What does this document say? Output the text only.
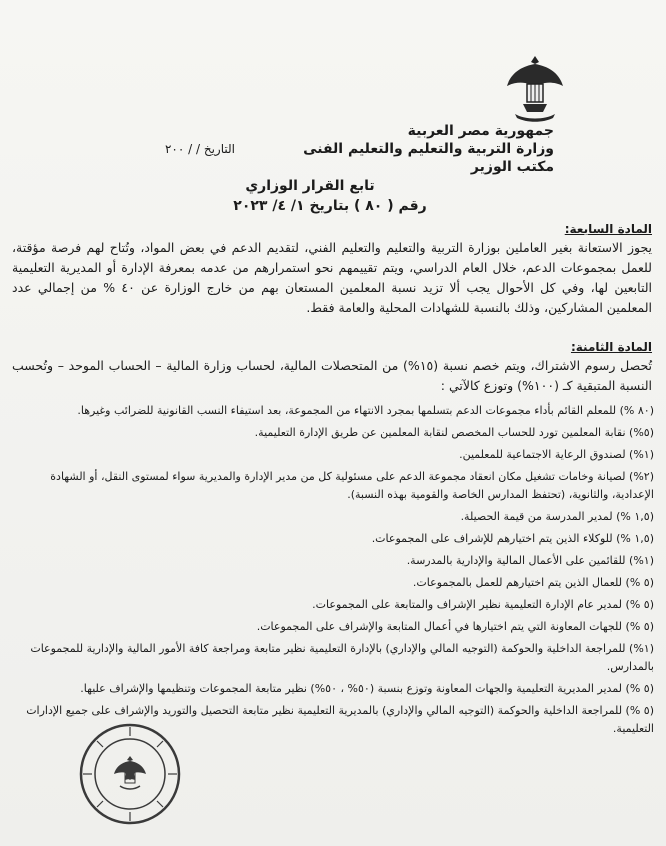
جمهورية مصر العربية
وزارة التربية والتعليم والتعليم الفنى
مكتب الوزير
التاريخ / / ٢٠٠
تابع القرار الوزاري
رقم ( ٨٠ ) بتاريخ ١/ ٤/ ٢٠٢٣
المادة السابعة:
يجوز الاستعانة بغير العاملين بوزارة التربية والتعليم والتعليم الفني، لتقديم الدعم في بعض المواد، وتُتاح لهم فرصة مؤقتة، للعمل بمجموعات الدعم، خلال العام الدراسي، ويتم تقييمهم نحو استمرارهم من عدمه بمعرفة الإدارة أو المديرية التعليمية التابعين لها، وفي كل الأحوال يجب ألا تزيد نسبة المعلمين المستعان بهم من خارج الوزارة عن ٤٠ % من إجمالي عدد المعلمين المشاركين، وذلك بالنسبة للشهادات المحلية والعامة فقط.
المادة الثامنة:
تُحصل رسوم الاشتراك، ويتم خصم نسبة (١٥%) من المتحصلات المالية، لحساب وزارة المالية – الحساب الموحد – وتُحسب النسبة المتبقية كـ (١٠٠%) وتوزع كالآتي :
(٨٠ %) للمعلم القائم بأداء مجموعات الدعم بتسلمها بمجرد الانتهاء من المجموعة، بعد استيفاء النسب القانونية للضرائب وغيرها.
(٥%) نقابة المعلمين تورد للحساب المخصص لنقابة المعلمين عن طريق الإدارة التعليمية.
(١%) لصندوق الرعاية الاجتماعية للمعلمين.
(٢%) لصيانة وخامات تشغيل مكان انعقاد مجموعة الدعم على مسئولية كل من مدير الإدارة والمديرية سواء لمستوى النقل، أو الشهادة الإعدادية، والثانوية، (تحتفظ المدارس الخاصة والقومية بهذه النسبة).
(١,٥ %) لمدير المدرسة من قيمة الحصيلة.
(١,٥ %) للوكلاء الذين يتم اختيارهم للإشراف على المجموعات.
(١%) للقائمين على الأعمال المالية والإدارية بالمدرسة.
(٥ %) للعمال الذين يتم اختيارهم للعمل بالمجموعات.
(٥ %) لمدير عام الإدارة التعليمية نظير الإشراف والمتابعة على المجموعات.
(٥ %) للجهات المعاونة التي يتم اختيارها في أعمال المتابعة والإشراف على المجموعات.
(١%) للمراجعة الداخلية والحوكمة (التوجيه المالي والإداري) بالإدارة التعليمية نظير متابعة ومراجعة كافة الأمور المالية والإدارية للمجموعات بالمدارس.
(٥ %) لمدير المديرية التعليمية والجهات المعاونة وتوزع بنسبة (٥٠% ، ٥٠%) نظير متابعة المجموعات وتنظيمها والإشراف عليها.
(٥ %) للمراجعة الداخلية والحوكمة (التوجيه المالي والإداري) بالمديرية التعليمية نظير متابعة التحصيل والتوريد والإشراف على جميع الإدارات التعليمية.
